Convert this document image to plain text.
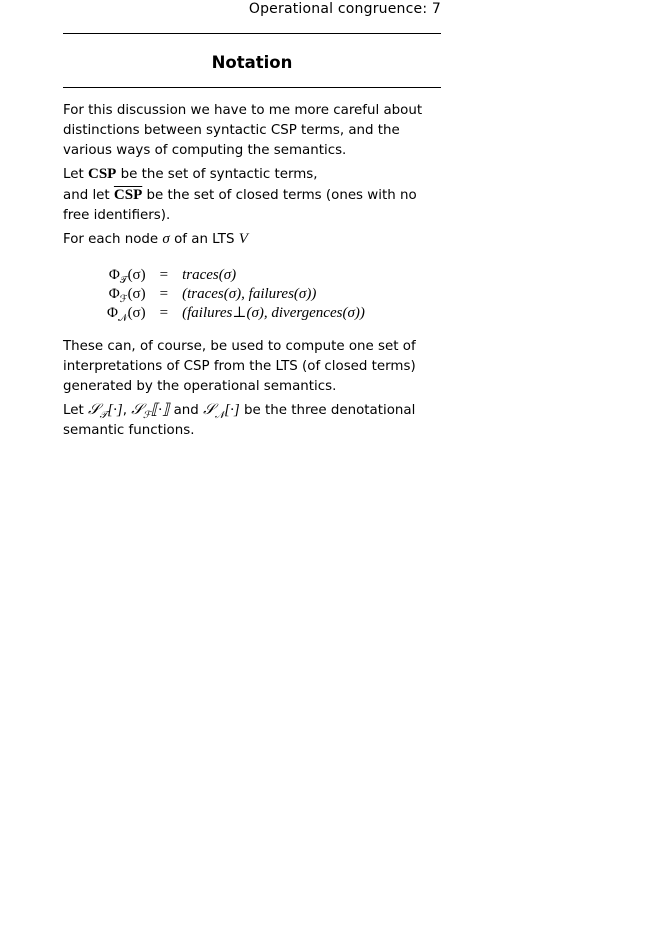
Operational congruence: 7
Notation

For this discussion we have to me more careful about distinctions between syntactic CSP terms, and the various ways of computing the semantics.

Let CSP be the set of syntactic terms,
and let $\overline{CSP}$ be the set of closed terms (ones with no free identifiers).

For each node σ of an LTS V

$\Phi_𝒯(\sigma)$	=	traces(σ)
$\Phi_ℱ(\sigma)$	=	(traces(σ), failures(σ))
$\Phi_𝒩(\sigma)$	=	(failures⊥(σ), divergences(σ))

These can, of course, be used to compute one set of interpretations of CSP from the LTS (of closed terms) generated by the operational semantics.

Let 𝒮$_𝒯$[·], 𝒮$_ℱ$⟦·⟧ and 𝒮$_𝒩$[·] be the three denotational semantic functions.
